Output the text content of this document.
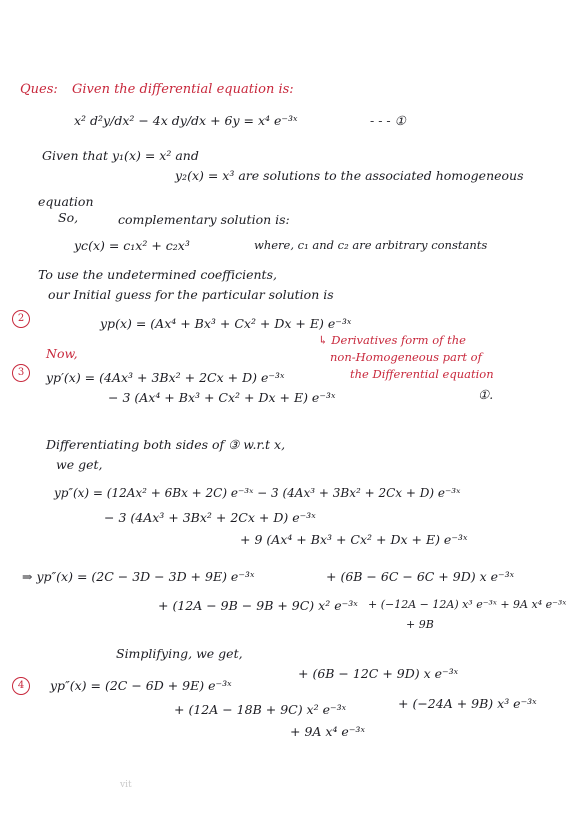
Ques: Given the differential equation is:
x² d²y/dx² − 4x dy/dx + 6y = x⁴ e⁻³ˣ	- - - ①
Given that y₁(x) = x² and
y₂(x) = x³ are solutions to the associated homogeneous
equation
So,	complementary solution is:
yc(x) = c₁x² + c₂x³	where, c₁ and c₂ are arbitrary constants
To use the undetermined coefficients,
our Initial guess for the particular solution is
2	yp(x) = (Ax⁴ + Bx³ + Cx² + Dx + E) e⁻³ˣ
↳ Derivatives form of the
non-Homogeneous part of
the Differential equation
①.
Now,
3	yp′(x) = (4Ax³ + 3Bx² + 2Cx + D) e⁻³ˣ
− 3 (Ax⁴ + Bx³ + Cx² + Dx + E) e⁻³ˣ
Differentiating both sides of ③ w.r.t x,
we get,
yp″(x) = (12Ax² + 6Bx + 2C) e⁻³ˣ − 3 (4Ax³ + 3Bx² + 2Cx + D) e⁻³ˣ
− 3 (4Ax³ + 3Bx² + 2Cx + D) e⁻³ˣ
+ 9 (Ax⁴ + Bx³ + Cx² + Dx + E) e⁻³ˣ
⇒ yp″(x) = (2C − 3D − 3D + 9E) e⁻³ˣ	+ (6B − 6C − 6C + 9D) x e⁻³ˣ
+ (12A − 9B − 9B + 9C) x² e⁻³ˣ + (−12A − 12A) x³ e⁻³ˣ + 9A x⁴ e⁻³ˣ
+ 9B
Simplifying, we get,
4	yp″(x) = (2C − 6D + 9E) e⁻³ˣ
+ (6B − 12C + 9D) x e⁻³ˣ
+ (12A − 18B + 9C) x² e⁻³ˣ	+ (−24A + 9B) x³ e⁻³ˣ
+ 9A x⁴ e⁻³ˣ
vit
